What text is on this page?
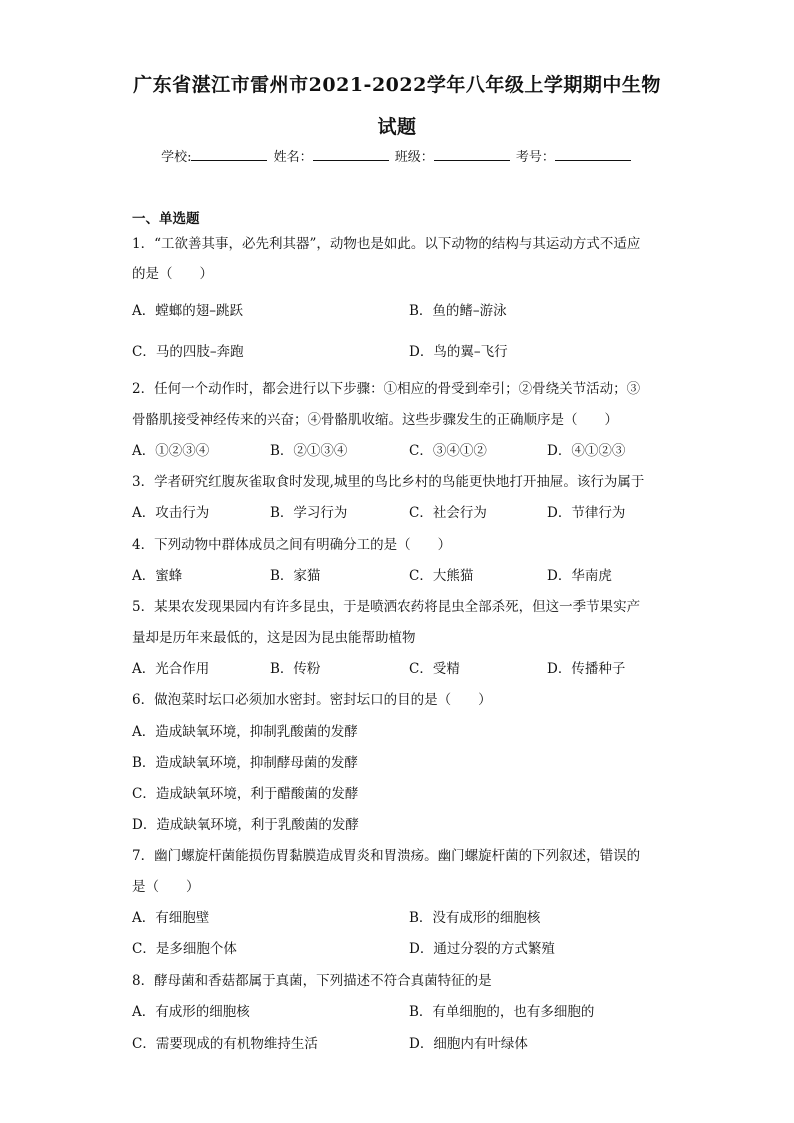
广东省湛江市雷州市2021-2022学年八年级上学期期中生物
试题
学校:	姓名：	班级：	考号：
一、单选题
1．“工欲善其事，必先利其器”，动物也是如此。以下动物的结构与其运动方式不适应
的是（　　）
A．螳螂的翅–跳跃	B．鱼的鳍–游泳
C．马的四肢–奔跑	D．鸟的翼–飞行
2．任何一个动作时，都会进行以下步骤：①相应的骨受到牵引；②骨绕关节活动；③
骨骼肌接受神经传来的兴奋；④骨骼肌收缩。这些步骤发生的正确顺序是（　　）
A．①②③④	B．②①③④	C．③④①②	D．④①②③
3．学者研究红腹灰雀取食时发现,城里的鸟比乡村的鸟能更快地打开抽屉。该行为属于
A．攻击行为	B．学习行为	C．社会行为	D．节律行为
4．下列动物中群体成员之间有明确分工的是（　　）
A．蜜蜂	B．家猫	C．大熊猫	D．华南虎
5．某果农发现果园内有许多昆虫，于是喷洒农药将昆虫全部杀死，但这一季节果实产
量却是历年来最低的，这是因为昆虫能帮助植物
A．光合作用	B．传粉	C．受精	D．传播种子
6．做泡菜时坛口必须加水密封。密封坛口的目的是（　　）
A．造成缺氧环境，抑制乳酸菌的发酵
B．造成缺氧环境，抑制酵母菌的发酵
C．造成缺氧环境，利于醋酸菌的发酵
D．造成缺氧环境，利于乳酸菌的发酵
7．幽门螺旋杆菌能损伤胃黏膜造成胃炎和胃溃疡。幽门螺旋杆菌的下列叙述，错误的
是（　　）
A．有细胞壁	B．没有成形的细胞核
C．是多细胞个体	D．通过分裂的方式繁殖
8．酵母菌和香菇都属于真菌，下列描述不符合真菌特征的是
A．有成形的细胞核	B．有单细胞的，也有多细胞的
C．需要现成的有机物维持生活	D．细胞内有叶绿体
